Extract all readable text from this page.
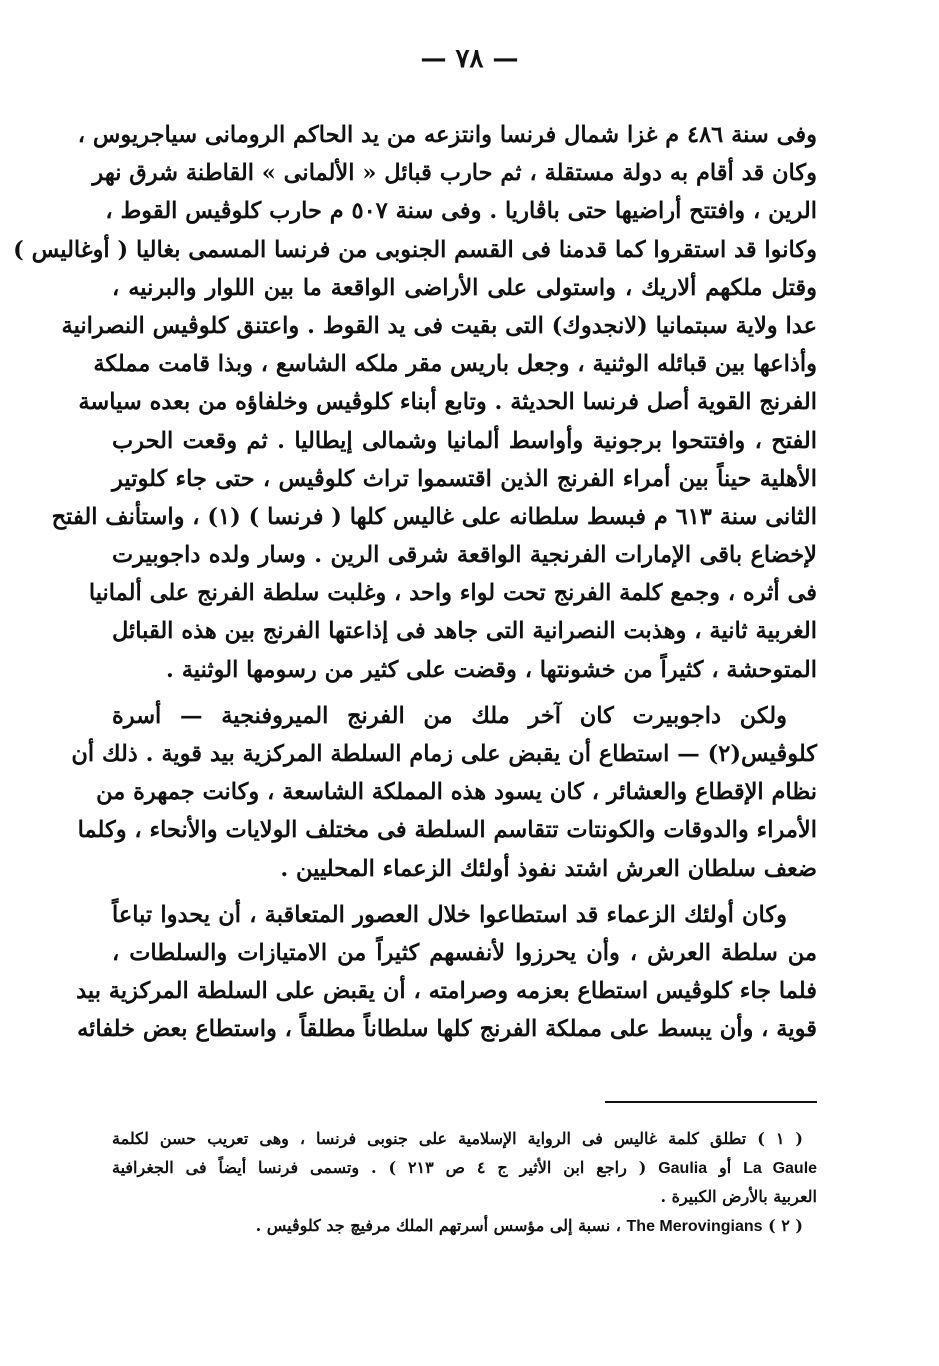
— ٧٨ —
وفى سنة ٤٨٦ م غزا شمال فرنسا وانتزعه من يد الحاكم الرومانى سياجريوس ،
وكان قد أقام به دولة مستقلة ، ثم حارب قبائل « الألمانى » القاطنة شرق نهر
الرين ، وافتتح أراضيها حتى باڤاريا . وفى سنة ٥٠٧ م حارب كلوڤيس القوط ،
وكانوا قد استقروا كما قدمنا فى القسم الجنوبى من فرنسا المسمى بغاليا ( أوغاليس )
وقتل ملكهم ألاريك ، واستولى على الأراضى الواقعة ما بين اللوار والبرنيه ،
عدا ولاية سبتمانيا (لانجدوك) التى بقيت فى يد القوط . واعتنق كلوڤيس النصرانية
وأذاعها بين قبائله الوثنية ، وجعل باريس مقر ملكه الشاسع ، وبذا قامت مملكة
الفرنج القوية أصل فرنسا الحديثة . وتابع أبناء كلوڤيس وخلفاؤه من بعده سياسة
الفتح ، وافتتحوا برجونية وأواسط ألمانيا وشمالى إيطاليا . ثم وقعت الحرب
الأهلية حيناً بين أمراء الفرنج الذين اقتسموا تراث كلوڤيس ، حتى جاء كلوتير
الثانى سنة ٦١٣ م فبسط سلطانه على غاليس كلها ( فرنسا ) (١) ، واستأنف الفتح
لإخضاع باقى الإمارات الفرنجية الواقعة شرقى الرين . وسار ولده داجوبيرت
فى أثره ، وجمع كلمة الفرنج تحت لواء واحد ، وغلبت سلطة الفرنج على ألمانيا
الغربية ثانية ، وهذبت النصرانية التى جاهد فى إذاعتها الفرنج بين هذه القبائل
المتوحشة ، كثيراً من خشونتها ، وقضت على كثير من رسومها الوثنية .
ولكن داجوبيرت كان آخر ملك من الفرنج الميروفنجية — أسرة
كلوڤيس(٢) — استطاع أن يقبض على زمام السلطة المركزية بيد قوية . ذلك أن
نظام الإقطاع والعشائر ، كان يسود هذه المملكة الشاسعة ، وكانت جمهرة من
الأمراء والدوقات والكونتات تتقاسم السلطة فى مختلف الولايات والأنحاء ، وكلما
ضعف سلطان العرش اشتد نفوذ أولئك الزعماء المحليين .
وكان أولئك الزعماء قد استطاعوا خلال العصور المتعاقبة ، أن يحدوا تباعاً
من سلطة العرش ، وأن يحرزوا لأنفسهم كثيراً من الامتيازات والسلطات ،
فلما جاء كلوڤيس استطاع بعزمه وصرامته ، أن يقبض على السلطة المركزية بيد
قوية ، وأن يبسط على مملكة الفرنج كلها سلطاناً مطلقاً ، واستطاع بعض خلفائه
( ١ ) تطلق كلمة غاليس فى الرواية الإسلامية على جنوبى فرنسا ، وهى تعريب حسن لكلمة
La Gaule أو Gaulia ( راجع ابن الأثير ج ٤ ص ٢١٣ ) . وتسمى فرنسا أيضاً فى الجغرافية
العربية بالأرض الكبيرة .
( ٢ ) The Merovingians ، نسبة إلى مؤسس أسرتهم الملك مرفيچ جد كلوڤيس .
